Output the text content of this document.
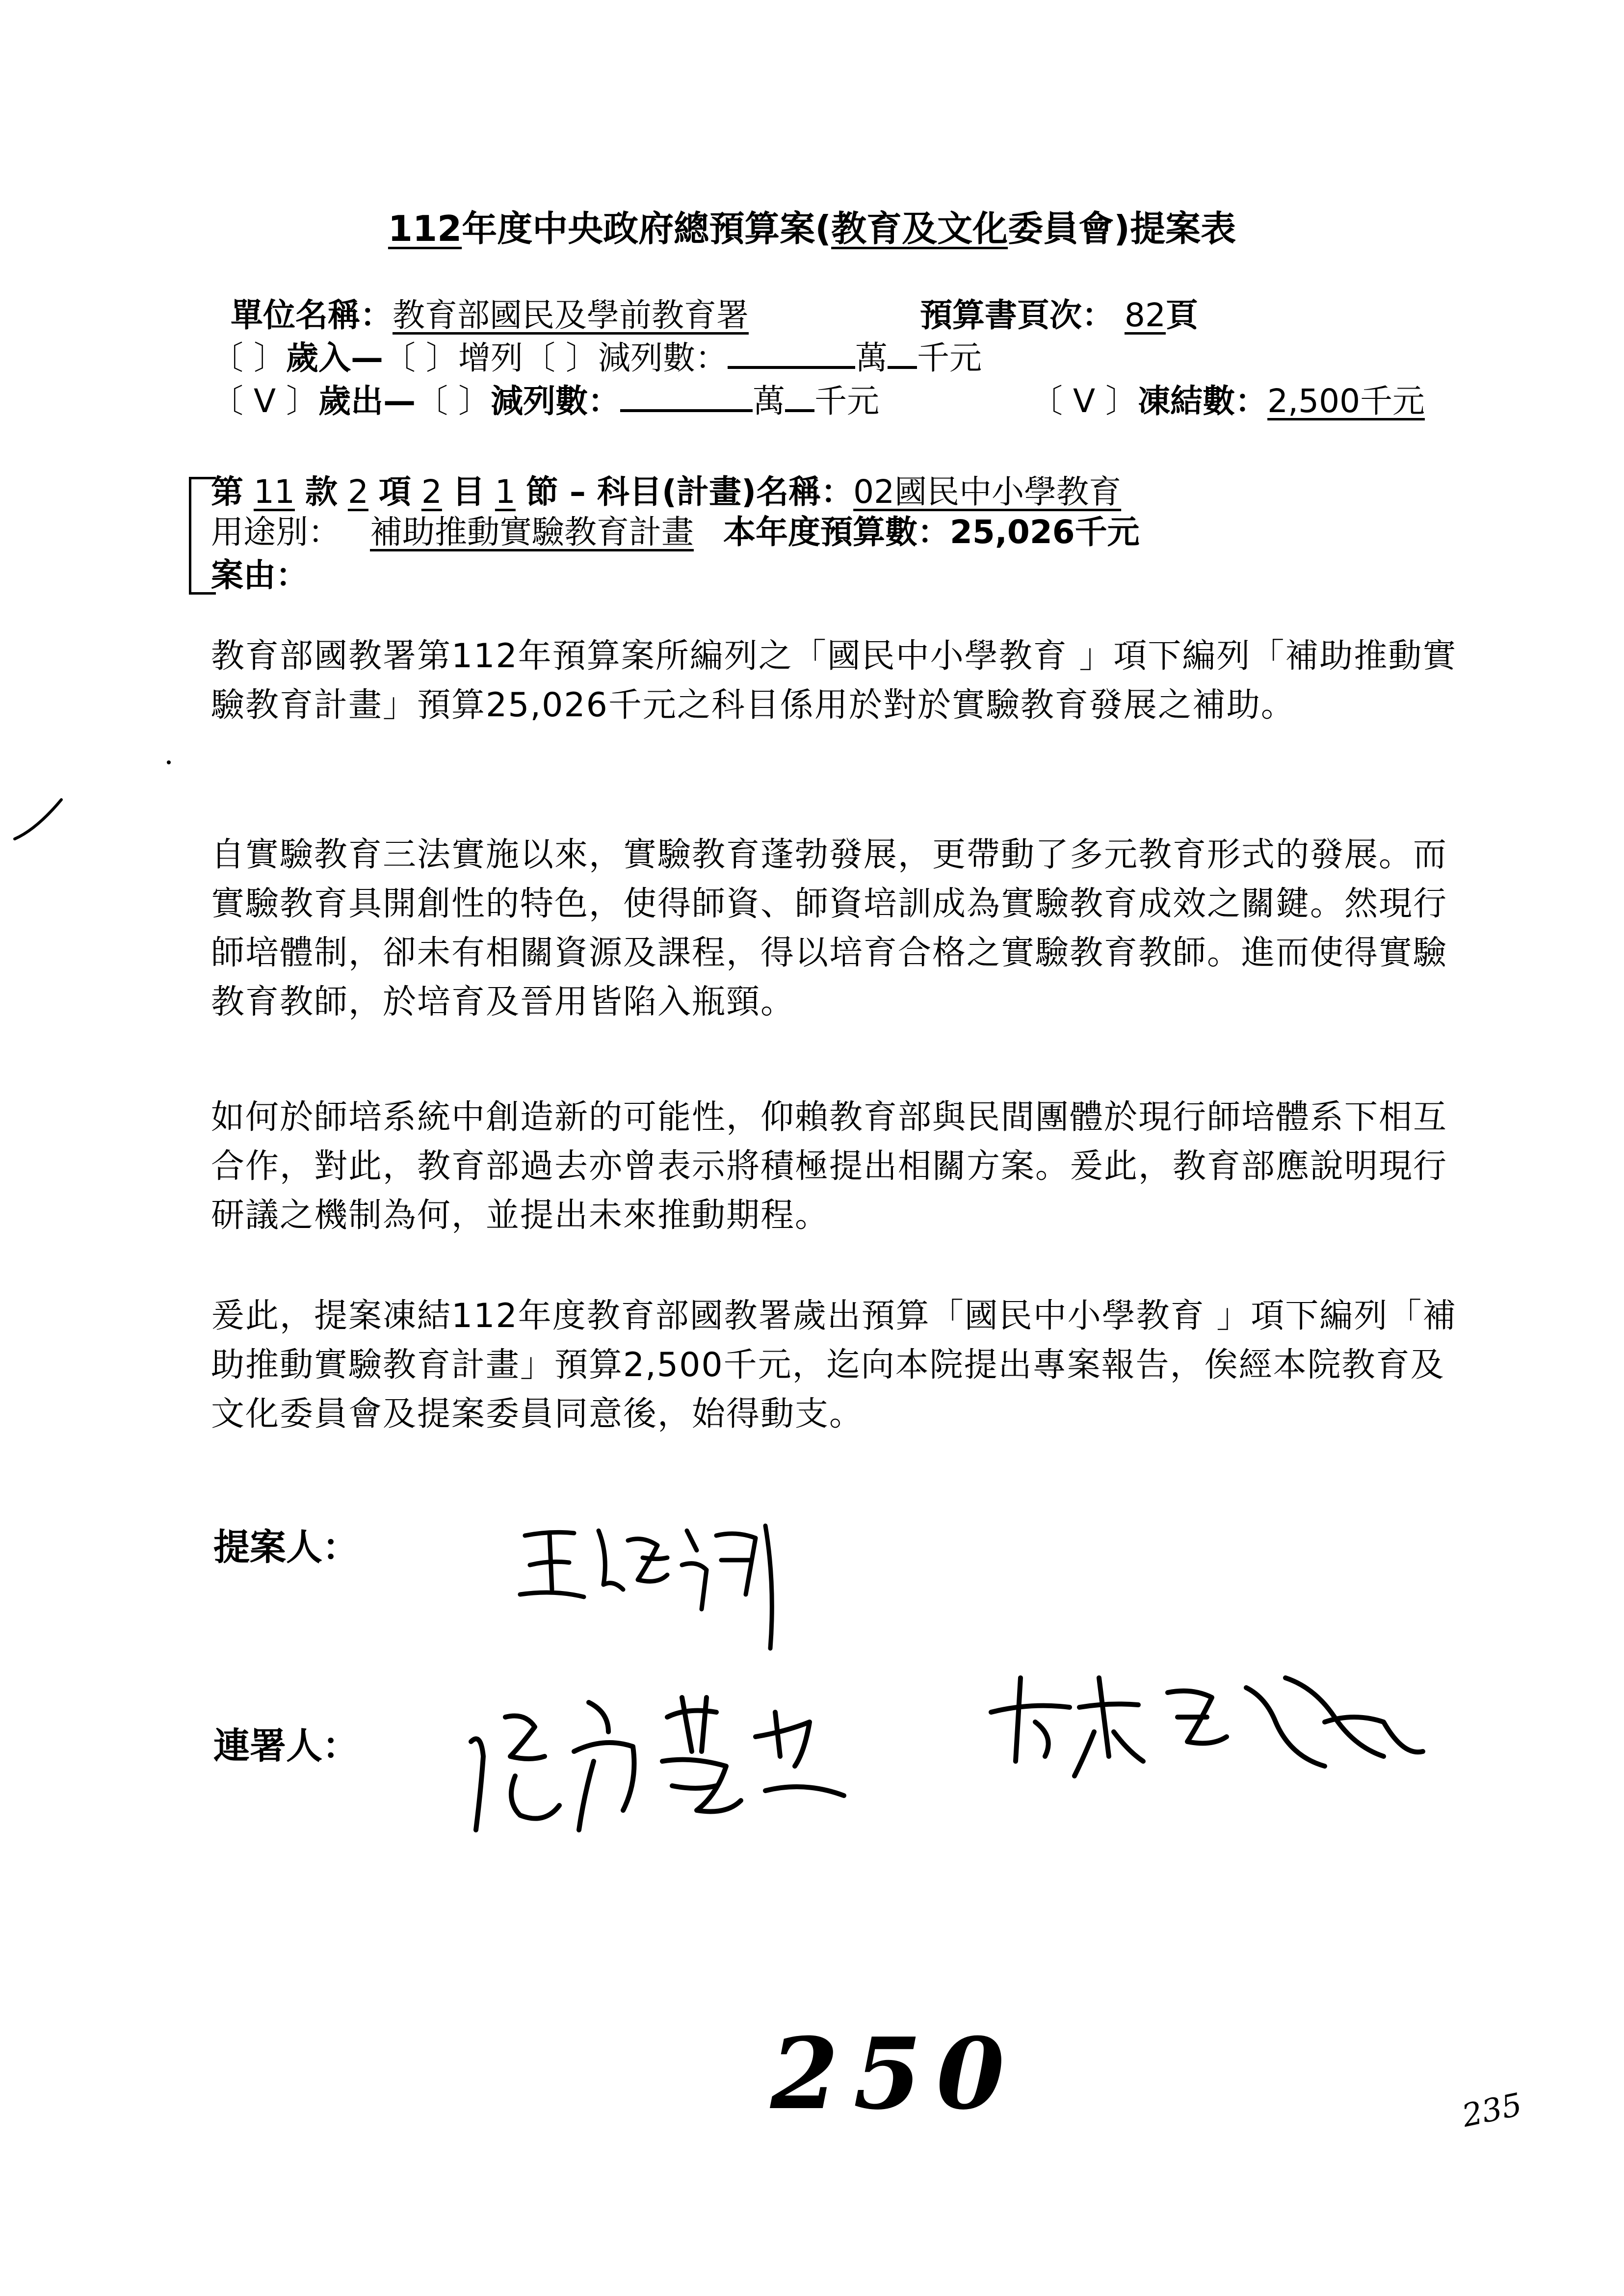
112年度中央政府總預算案(教育及文化委員會)提案表
單位名稱：教育部國民及學前教育署	預算書頁次： 82頁
〔 〕歲入—〔 〕增列〔 〕減列數：	萬 千元
〔 V 〕歲出—〔 〕減列數：	萬 千元	〔 V 〕凍結數：2,500千元
第 11 款 2 項 2 目 1 節 – 科目(計畫)名稱：02國民中小學教育
用途別： 補助推動實驗教育計畫 本年度預算數：25,026千元
案由：
教育部國教署第112年預算案所編列之「國民中小學教育 」項下編列「補助推動實驗教育計畫」預算25,026千元之科目係用於對於實驗教育發展之補助。
自實驗教育三法實施以來，實驗教育蓬勃發展，更帶動了多元教育形式的發展。而實驗教育具開創性的特色，使得師資、師資培訓成為實驗教育成效之關鍵。然現行師培體制，卻未有相關資源及課程，得以培育合格之實驗教育教師。進而使得實驗教育教師，於培育及晉用皆陷入瓶頸。
如何於師培系統中創造新的可能性，仰賴教育部與民間團體於現行師培體系下相互合作，對此，教育部過去亦曾表示將積極提出相關方案。爰此，教育部應說明現行研議之機制為何，並提出未來推動期程。
爰此，提案凍結112年度教育部國教署歲出預算「國民中小學教育 」項下編列「補助推動實驗教育計畫」預算2,500千元，迄向本院提出專案報告，俟經本院教育及文化委員會及提案委員同意後，始得動支。
提案人：
連署人：
250	235
